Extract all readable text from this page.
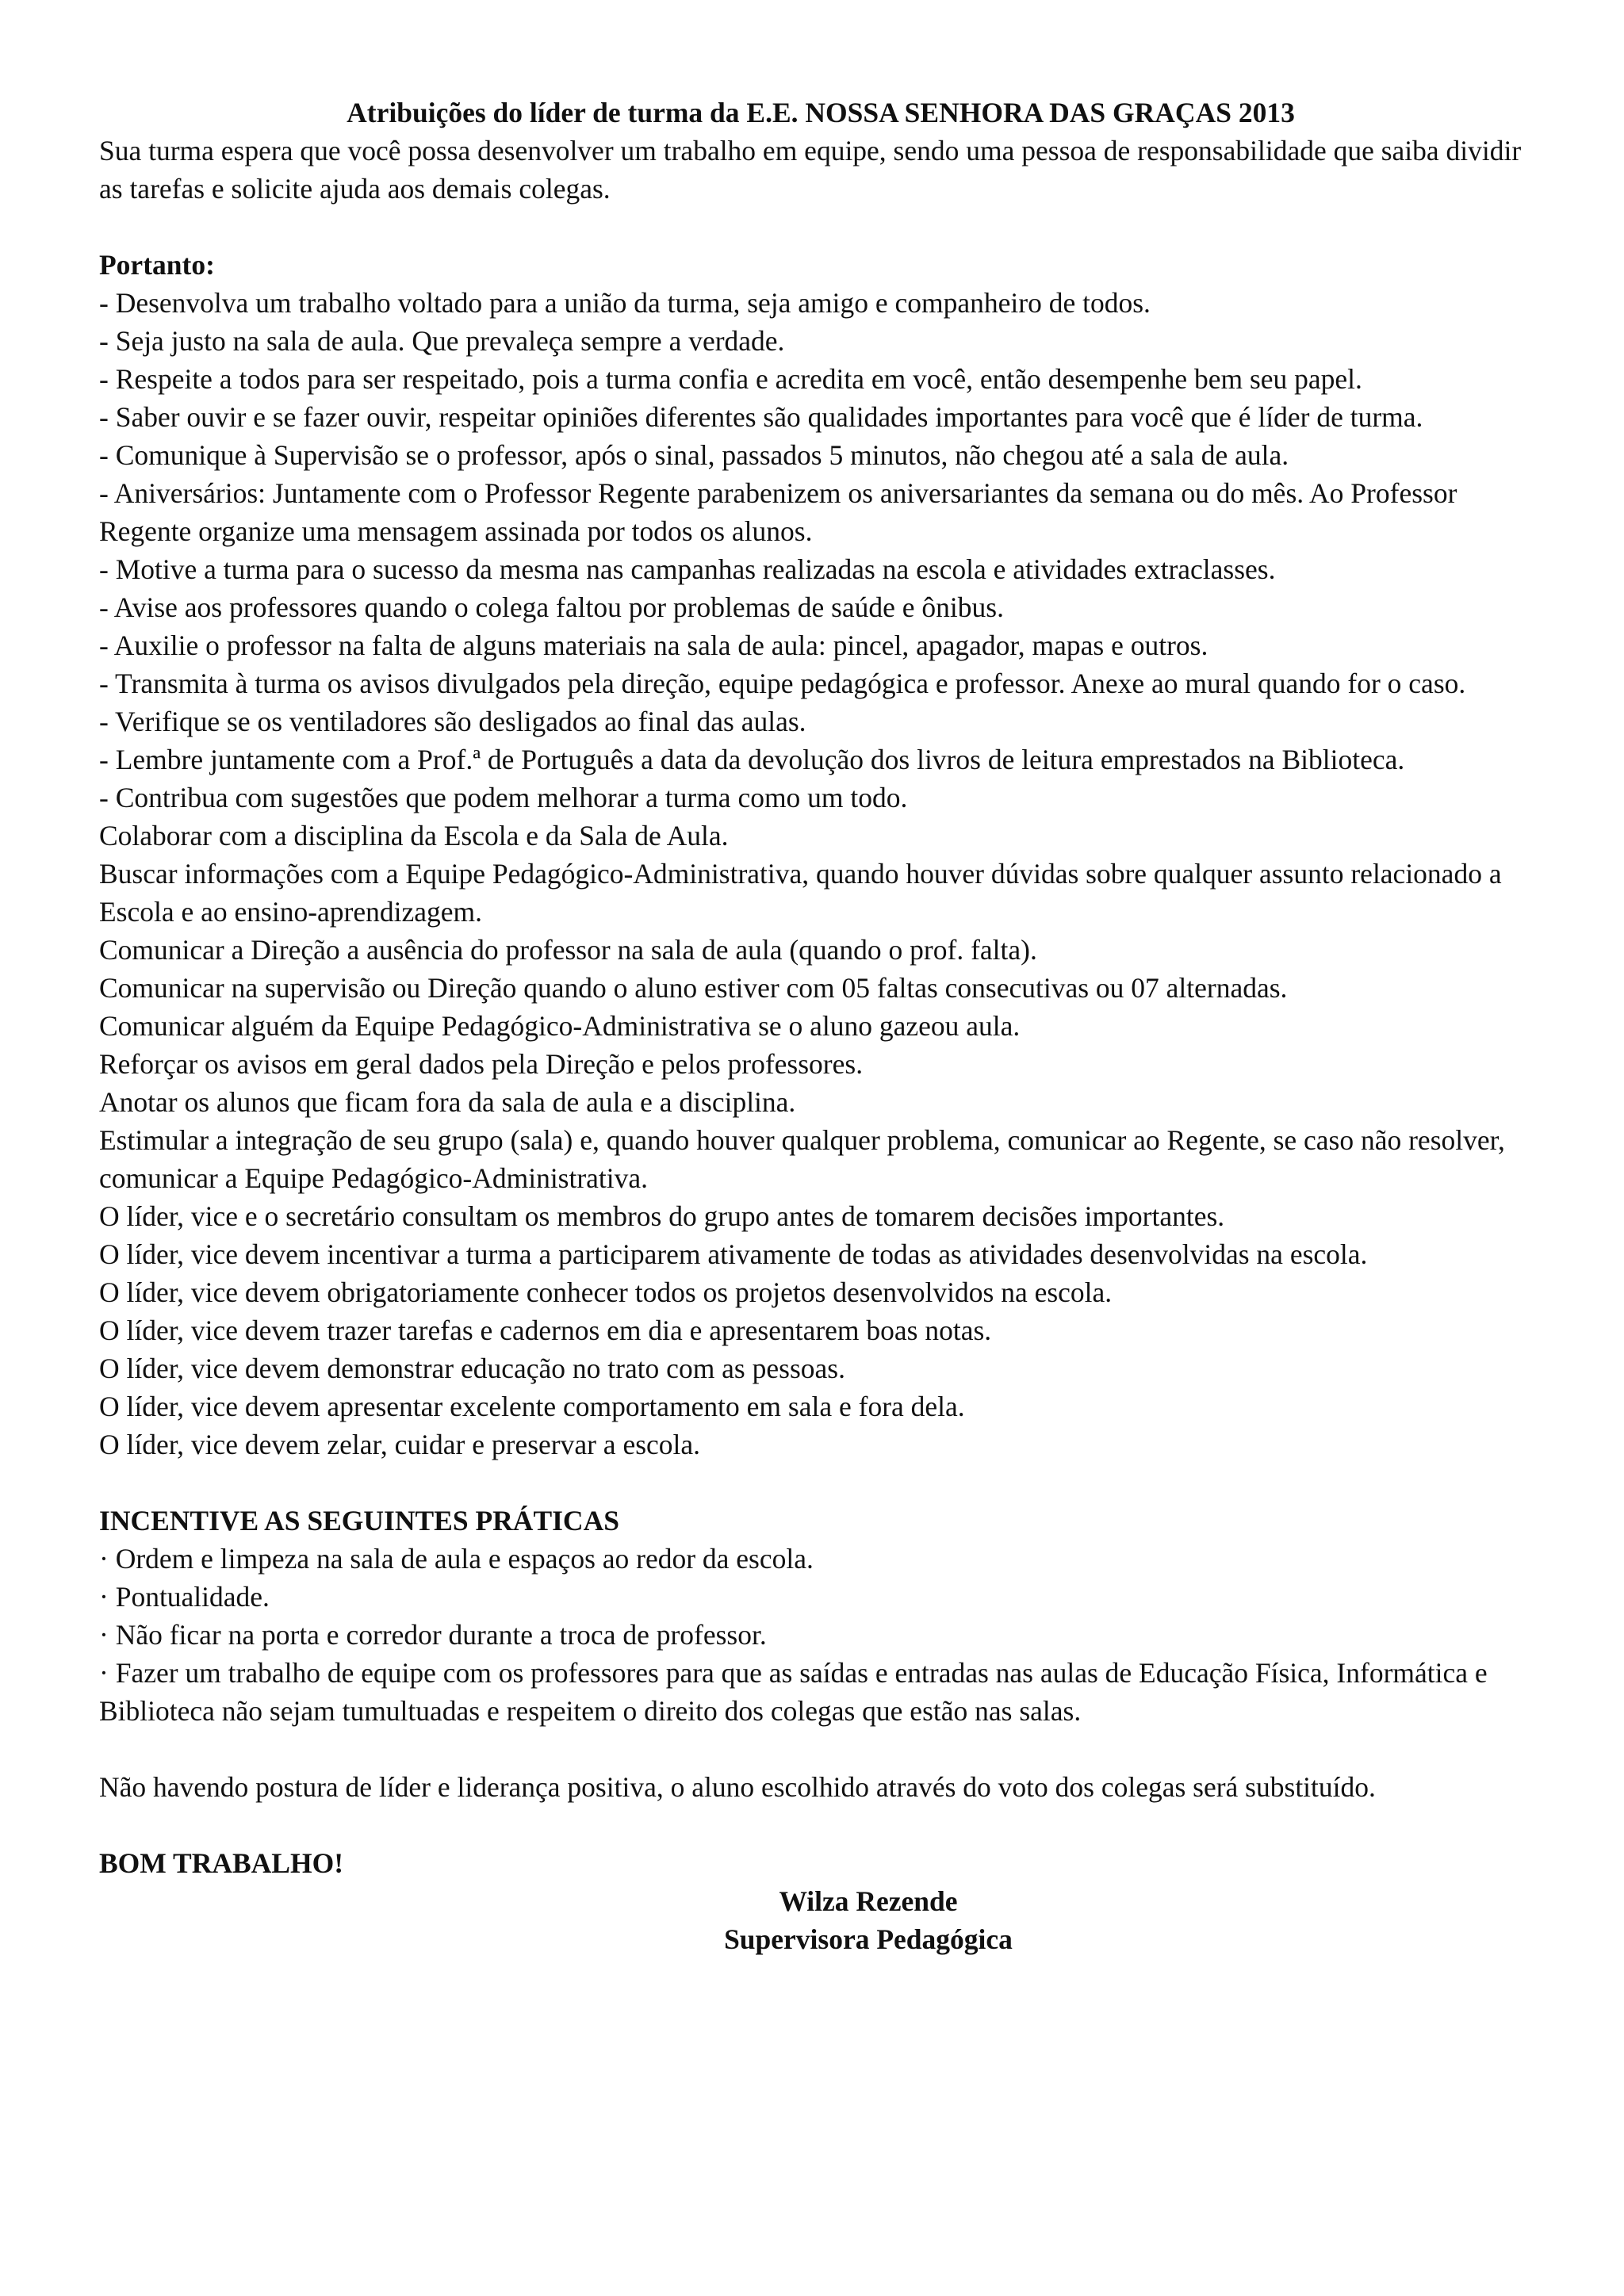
Atribuições do líder de turma da E.E. NOSSA SENHORA DAS GRAÇAS 2013

Sua turma espera que você possa desenvolver um trabalho em equipe, sendo uma pessoa de responsabilidade que saiba dividir as tarefas e solicite ajuda aos demais colegas.

Portanto:

- Desenvolva um trabalho voltado para a união da turma, seja amigo e companheiro de todos.

- Seja justo na sala de aula. Que prevaleça sempre a verdade.

- Respeite a todos para ser respeitado, pois a turma confia e acredita em você, então desempenhe bem seu papel.

- Saber ouvir e se fazer ouvir, respeitar opiniões diferentes são qualidades importantes para você que é líder de turma.

- Comunique à Supervisão se o professor, após o sinal, passados 5 minutos, não chegou até a sala de aula.

- Aniversários: Juntamente com o Professor Regente parabenizem os aniversariantes da semana ou do mês. Ao Professor Regente organize uma mensagem assinada por todos os alunos.

- Motive a turma para o sucesso da mesma nas campanhas realizadas na escola e atividades extraclasses.

- Avise aos professores quando o colega faltou por problemas de saúde e ônibus.

- Auxilie o professor na falta de alguns materiais na sala de aula: pincel, apagador, mapas e outros.

- Transmita à turma os avisos divulgados pela direção, equipe pedagógica e professor. Anexe ao mural quando for o caso.

- Verifique se os ventiladores são desligados ao final das aulas.

- Lembre juntamente com a Prof.ª de Português a data da devolução dos livros de leitura emprestados na Biblioteca.

- Contribua com sugestões que podem melhorar a turma como um todo.

Colaborar com a disciplina da Escola e da Sala de Aula.

Buscar informações com a Equipe Pedagógico-Administrativa, quando houver dúvidas sobre qualquer assunto relacionado a Escola e ao ensino-aprendizagem.

Comunicar a Direção a ausência do professor na sala de aula (quando o prof. falta).

Comunicar na supervisão ou Direção quando o aluno estiver com 05 faltas consecutivas ou 07 alternadas.

Comunicar alguém da Equipe Pedagógico-Administrativa se o aluno gazeou aula.

Reforçar os avisos em geral dados pela Direção e pelos professores.

Anotar os alunos que ficam fora da sala de aula e a disciplina.

Estimular a integração de seu grupo (sala) e, quando houver qualquer problema, comunicar ao Regente, se caso não resolver, comunicar a Equipe Pedagógico-Administrativa.

O líder, vice e o secretário consultam os membros do grupo antes de tomarem decisões importantes.

O líder, vice devem incentivar a turma a participarem ativamente de todas as atividades desenvolvidas na escola.

O líder, vice devem obrigatoriamente conhecer todos os projetos desenvolvidos na escola.

O líder, vice devem trazer tarefas e cadernos em dia e apresentarem boas notas.

O líder, vice devem demonstrar educação no trato com as pessoas.

O líder, vice devem apresentar excelente comportamento em sala e fora dela.

O líder, vice devem zelar, cuidar e preservar a escola.

INCENTIVE AS SEGUINTES PRÁTICAS

· Ordem e limpeza na sala de aula e espaços ao redor da escola.

· Pontualidade.

· Não ficar na porta e corredor durante a troca de professor.

· Fazer um trabalho de equipe com os professores para que as saídas e entradas nas aulas de Educação Física, Informática e Biblioteca não sejam tumultuadas e respeitem o direito dos colegas que estão nas salas.

Não havendo postura de líder e liderança positiva, o aluno escolhido através do voto dos colegas será substituído.

BOM TRABALHO!

Wilza Rezende

Supervisora Pedagógica
